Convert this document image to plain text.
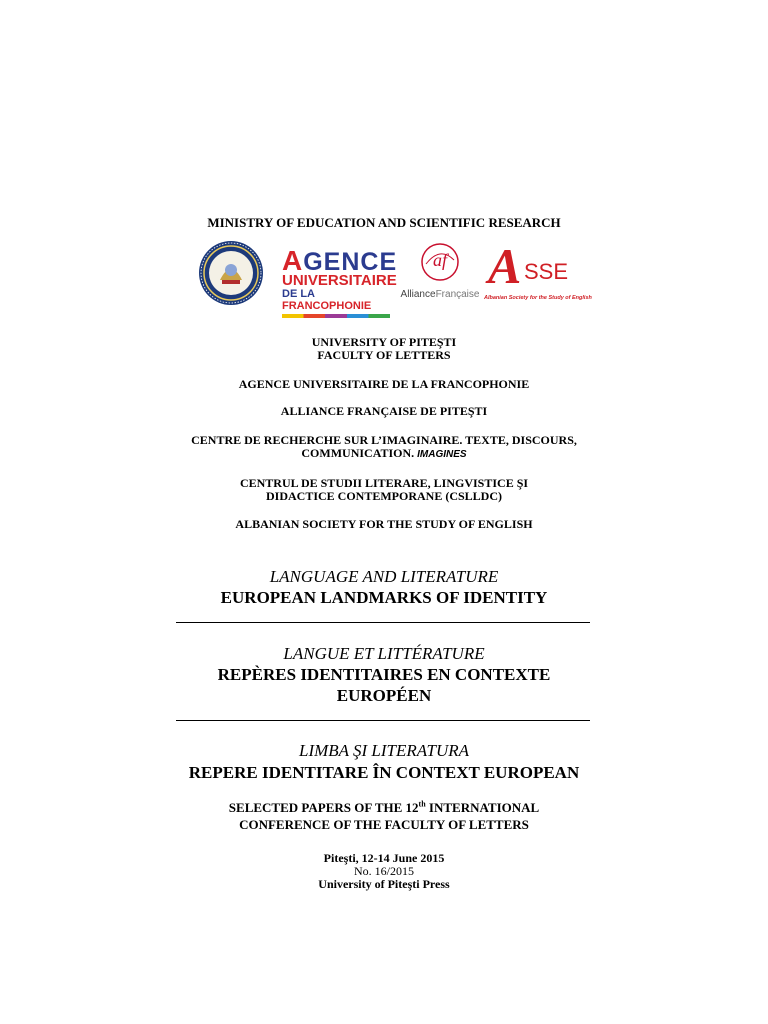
MINISTRY OF EDUCATION AND SCIENTIFIC RESEARCH
AGENCE
UNIVERSITAIRE
DE LA FRANCOPHONIE
af
AllianceFrançaise
A SSE
Albanian Society for the Study of English
UNIVERSITY OF PITEŞTI
FACULTY OF LETTERS
AGENCE UNIVERSITAIRE DE LA FRANCOPHONIE
ALLIANCE FRANÇAISE DE PITEŞTI
CENTRE DE RECHERCHE SUR L’IMAGINAIRE. TEXTE, DISCOURS,
COMMUNICATION. IMAGINES
CENTRUL DE STUDII LITERARE, LINGVISTICE ŞI
DIDACTICE CONTEMPORANE (CSLLDC)
ALBANIAN SOCIETY FOR THE STUDY OF ENGLISH
LANGUAGE AND LITERATURE
EUROPEAN LANDMARKS OF IDENTITY
LANGUE ET LITTÉRATURE
REPÈRES IDENTITAIRES EN CONTEXTE
EUROPÉEN
LIMBA ŞI LITERATURA
REPERE IDENTITARE ÎN CONTEXT EUROPEAN
SELECTED PAPERS OF THE 12th INTERNATIONAL
CONFERENCE OF THE FACULTY OF LETTERS
Piteşti, 12-14 June 2015
No. 16/2015
University of Piteşti Press
